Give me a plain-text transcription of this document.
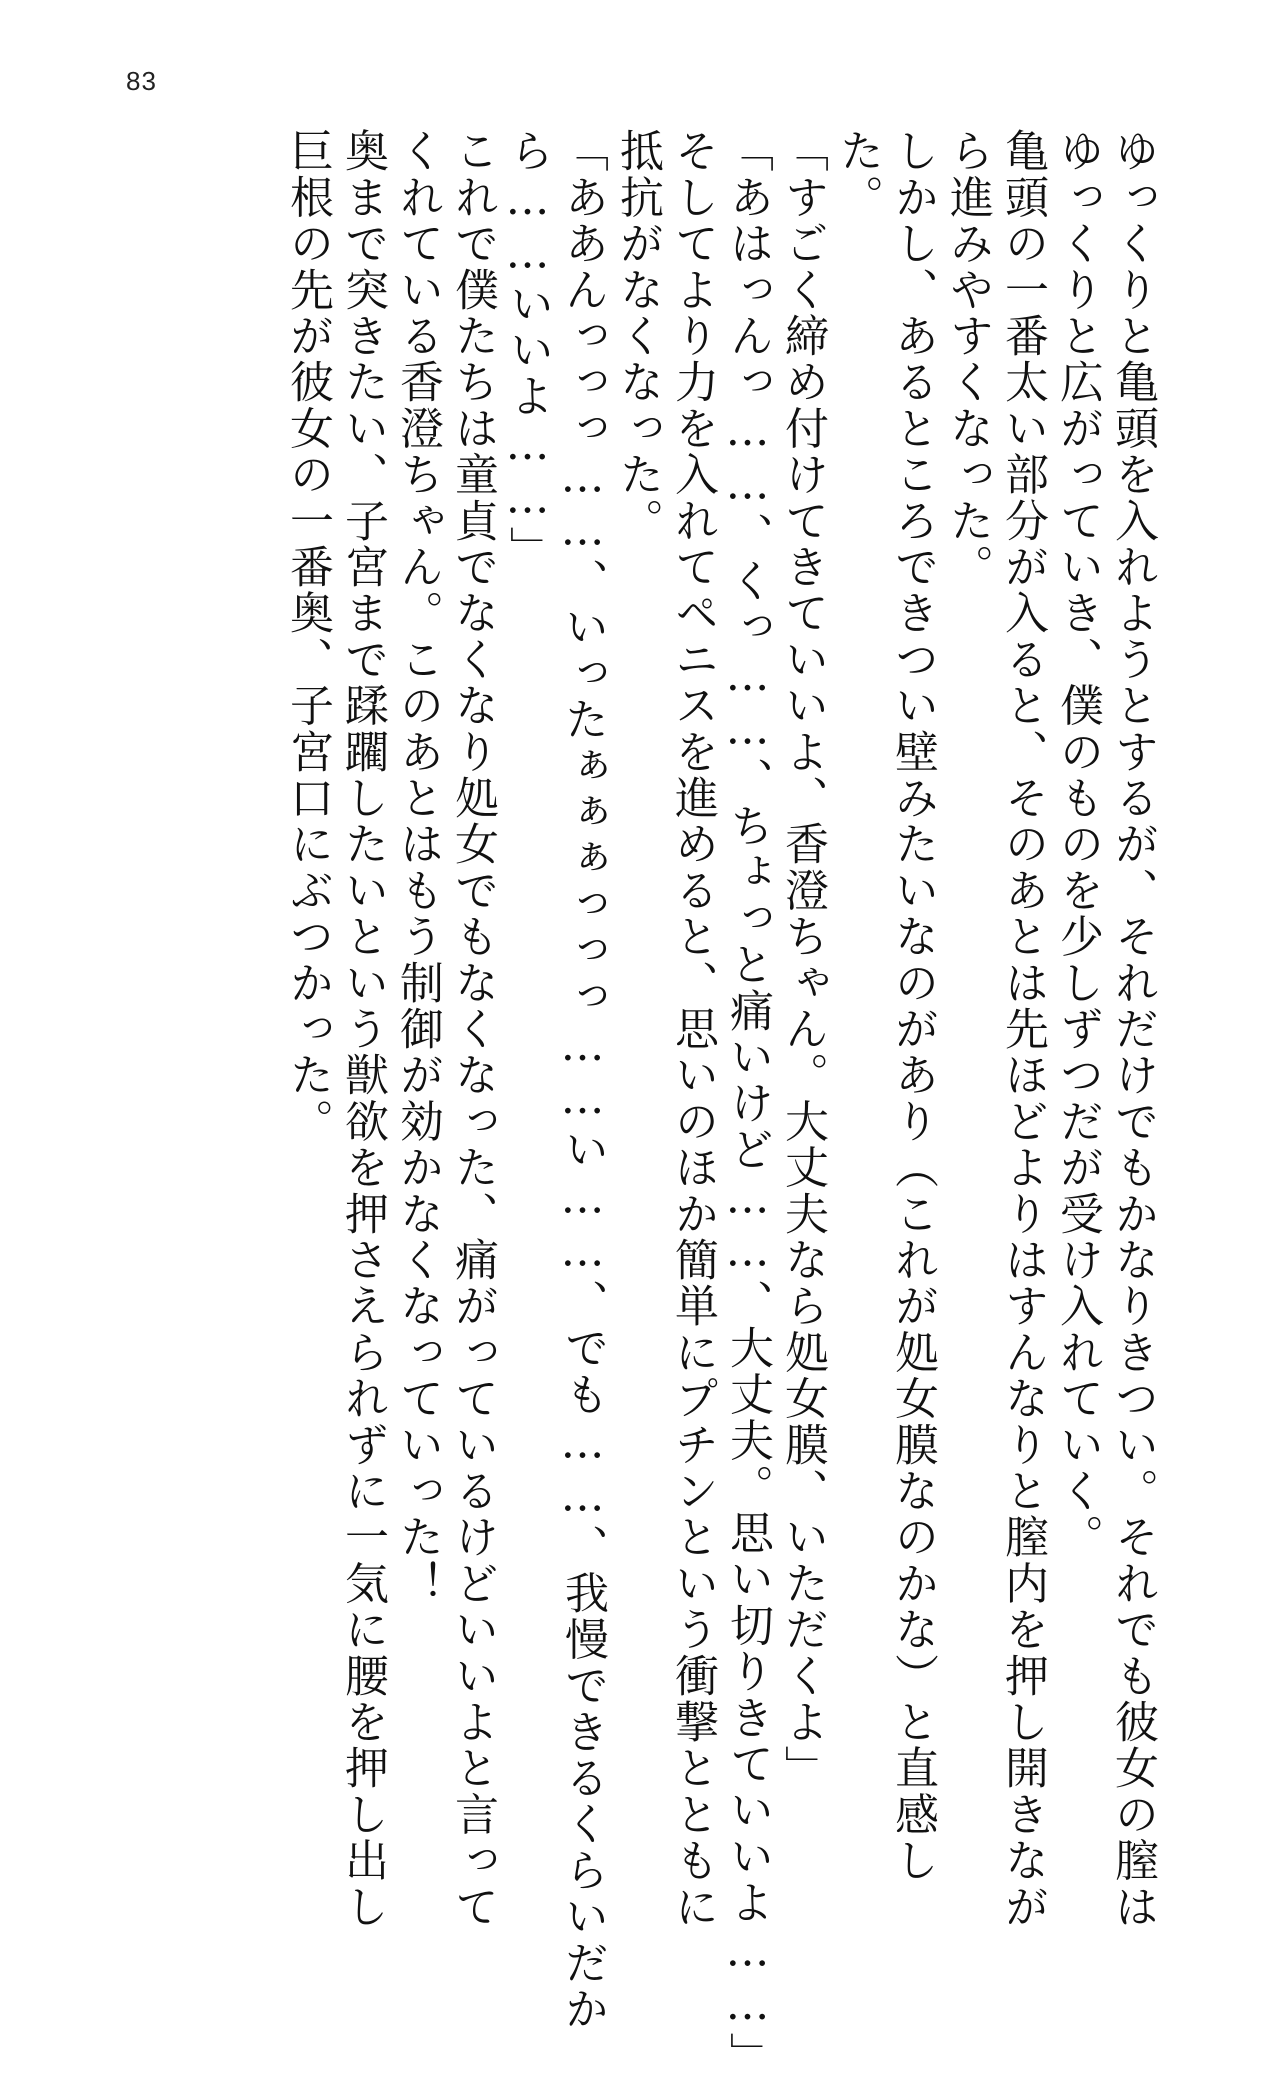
83
ゆっくりと亀頭を入れようとするが、それだけでもかなりきつい。それでも彼女の膣は
ゆっくりと広がっていき、僕のものを少しずつだが受け入れていく。
亀頭の一番太い部分が入ると、そのあとは先ほどよりはすんなりと膣内を押し開きなが
ら進みやすくなった。
しかし、あるところできつい壁みたいなのがあり（これが処女膜なのかな）と直感し
た。
「すごく締め付けてきていいよ、香澄ちゃん。大丈夫なら処女膜、いただくよ」
「あはっんっ……、くっ……、ちょっと痛いけど……、大丈夫。思い切りきていいよ……」
そしてより力を入れてペニスを進めると、思いのほか簡単にプチンという衝撃とともに
抵抗がなくなった。
「ああんっっっ……、いったぁぁぁっっっ……い……、でも……、我慢できるくらいだか
ら……いいよ……」
これで僕たちは童貞でなくなり処女でもなくなった、痛がっているけどいいよと言って
くれている香澄ちゃん。このあとはもう制御が効かなくなっていった！
奥まで突きたい、子宮まで蹂躙したいという獣欲を押さえられずに一気に腰を押し出し
巨根の先が彼女の一番奥、子宮口にぶつかった。
